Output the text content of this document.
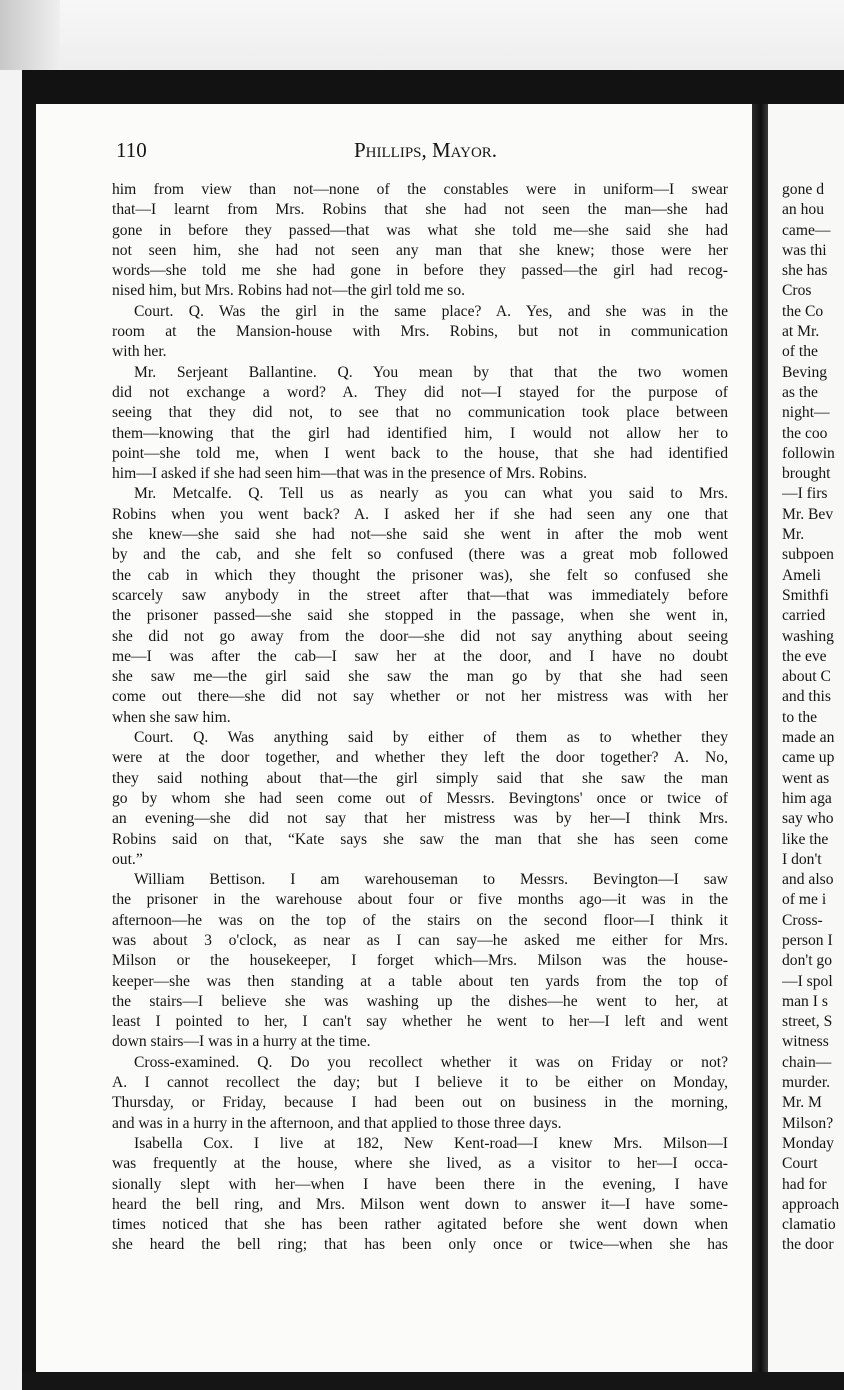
110	Phillips, Mayor.
him from view than not—none of the constables were in uniform—I swear
that—I learnt from Mrs. Robins that she had not seen the man—she had
gone in before they passed—that was what she told me—she said she had
not seen him, she had not seen any man that she knew; those were her
words—she told me she had gone in before they passed—the girl had recog-
nised him, but Mrs. Robins had not—the girl told me so.
Court. Q. Was the girl in the same place? A. Yes, and she was in the
room at the Mansion-house with Mrs. Robins, but not in communication
with her.
Mr. Serjeant Ballantine. Q. You mean by that that the two women
did not exchange a word? A. They did not—I stayed for the purpose of
seeing that they did not, to see that no communication took place between
them—knowing that the girl had identified him, I would not allow her to
point—she told me, when I went back to the house, that she had identified
him—I asked if she had seen him—that was in the presence of Mrs. Robins.
Mr. Metcalfe. Q. Tell us as nearly as you can what you said to Mrs.
Robins when you went back? A. I asked her if she had seen any one that
she knew—she said she had not—she said she went in after the mob went
by and the cab, and she felt so confused (there was a great mob followed
the cab in which they thought the prisoner was), she felt so confused she
scarcely saw anybody in the street after that—that was immediately before
the prisoner passed—she said she stopped in the passage, when she went in,
she did not go away from the door—she did not say anything about seeing
me—I was after the cab—I saw her at the door, and I have no doubt
she saw me—the girl said she saw the man go by that she had seen
come out there—she did not say whether or not her mistress was with her
when she saw him.
Court. Q. Was anything said by either of them as to whether they
were at the door together, and whether they left the door together? A. No,
they said nothing about that—the girl simply said that she saw the man
go by whom she had seen come out of Messrs. Bevingtons' once or twice of
an evening—she did not say that her mistress was by her—I think Mrs.
Robins said on that, “Kate says she saw the man that she has seen come
out.”
William Bettison. I am warehouseman to Messrs. Bevington—I saw
the prisoner in the warehouse about four or five months ago—it was in the
afternoon—he was on the top of the stairs on the second floor—I think it
was about 3 o'clock, as near as I can say—he asked me either for Mrs.
Milson or the housekeeper, I forget which—Mrs. Milson was the house-
keeper—she was then standing at a table about ten yards from the top of
the stairs—I believe she was washing up the dishes—he went to her, at
least I pointed to her, I can't say whether he went to her—I left and went
down stairs—I was in a hurry at the time.
Cross-examined. Q. Do you recollect whether it was on Friday or not?
A. I cannot recollect the day; but I believe it to be either on Monday,
Thursday, or Friday, because I had been out on business in the morning,
and was in a hurry in the afternoon, and that applied to those three days.
Isabella Cox. I live at 182, New Kent-road—I knew Mrs. Milson—I
was frequently at the house, where she lived, as a visitor to her—I occa-
sionally slept with her—when I have been there in the evening, I have
heard the bell ring, and Mrs. Milson went down to answer it—I have some-
times noticed that she has been rather agitated before she went down when
she heard the bell ring; that has been only once or twice—when she has
gone d
an hou
came—
was thi
she has
Cros
the Co
at Mr.
of the
Beving
as the
night—
the coo
followin
brought
—I firs
Mr. Bev
Mr.
subpoen
Ameli
Smithfi
carried
washing
the eve
about C
and this
to the
made an
came up
went as
him aga
say who
like the
I don't
and also
of me i
Cross-
person I
don't go
—I spol
man I s
street, S
witness
chain—
murder.
Mr. M
Milson?
Monday
Court
had for
approach
clamatio
the door
